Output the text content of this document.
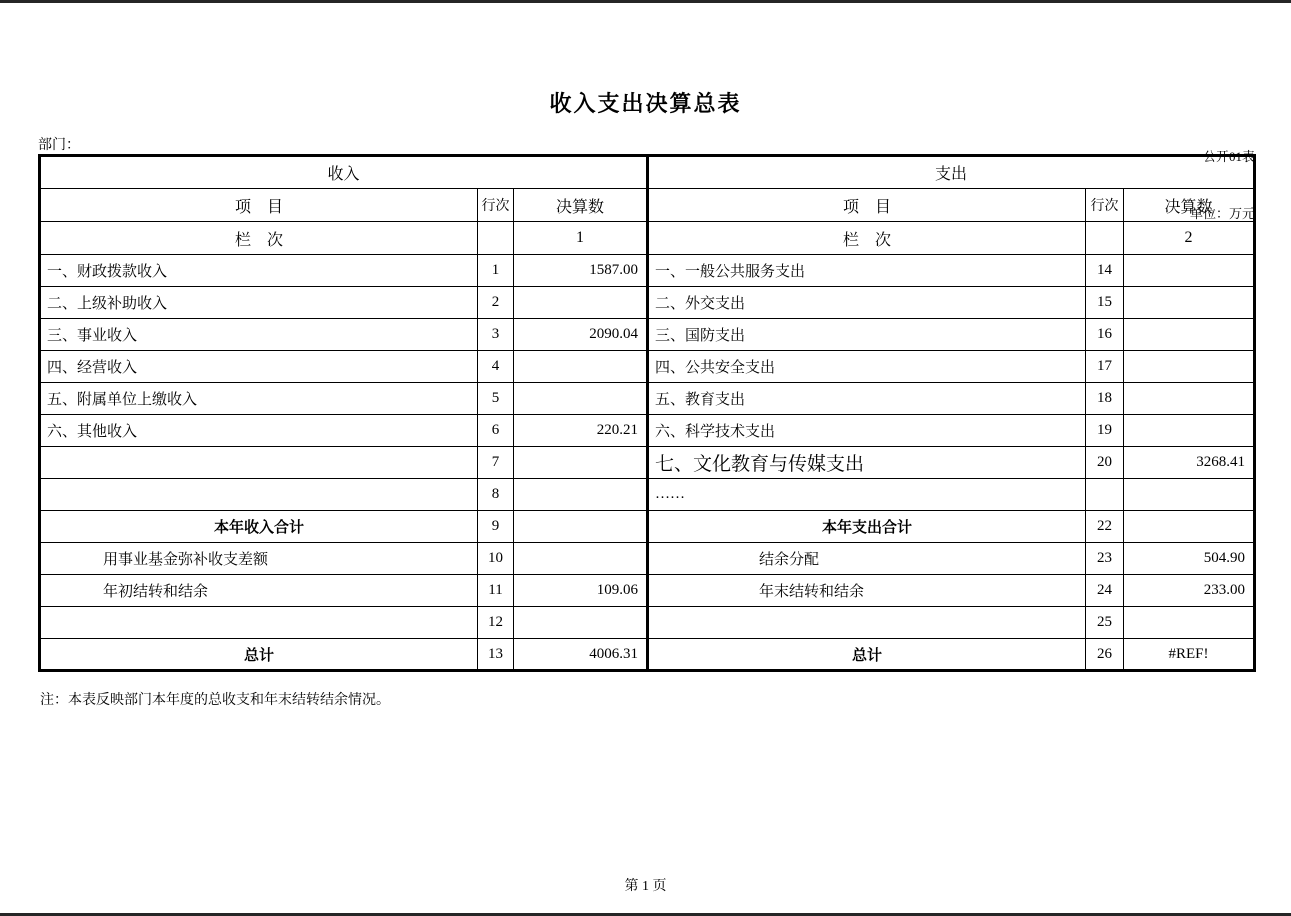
收入支出决算总表

公开01表

单位：万元

部门：
收入			支出		
项　目	行次	决算数	项　目	行次	决算数
栏　次		1	栏　次		2
一、财政拨款收入	1	1587.00	一、一般公共服务支出	14	
二、上级补助收入	2		二、外交支出	15	
三、事业收入	3	2090.04	三、国防支出	16	
四、经营收入	4		四、公共安全支出	17	
五、附属单位上缴收入	5		五、教育支出	18	
六、其他收入	6	220.21	六、科学技术支出	19	
	7		七、文化教育与传媒支出	20	3268.41
	8		……		
本年收入合计	9		本年支出合计	22	
用事业基金弥补收支差额	10		结余分配	23	504.90
年初结转和结余	11	109.06	年末结转和结余	24	233.00
	12			25	
总计	13	4006.31	总计	26	#REF!
注：本表反映部门本年度的总收支和年末结转结余情况。
第 1 页
